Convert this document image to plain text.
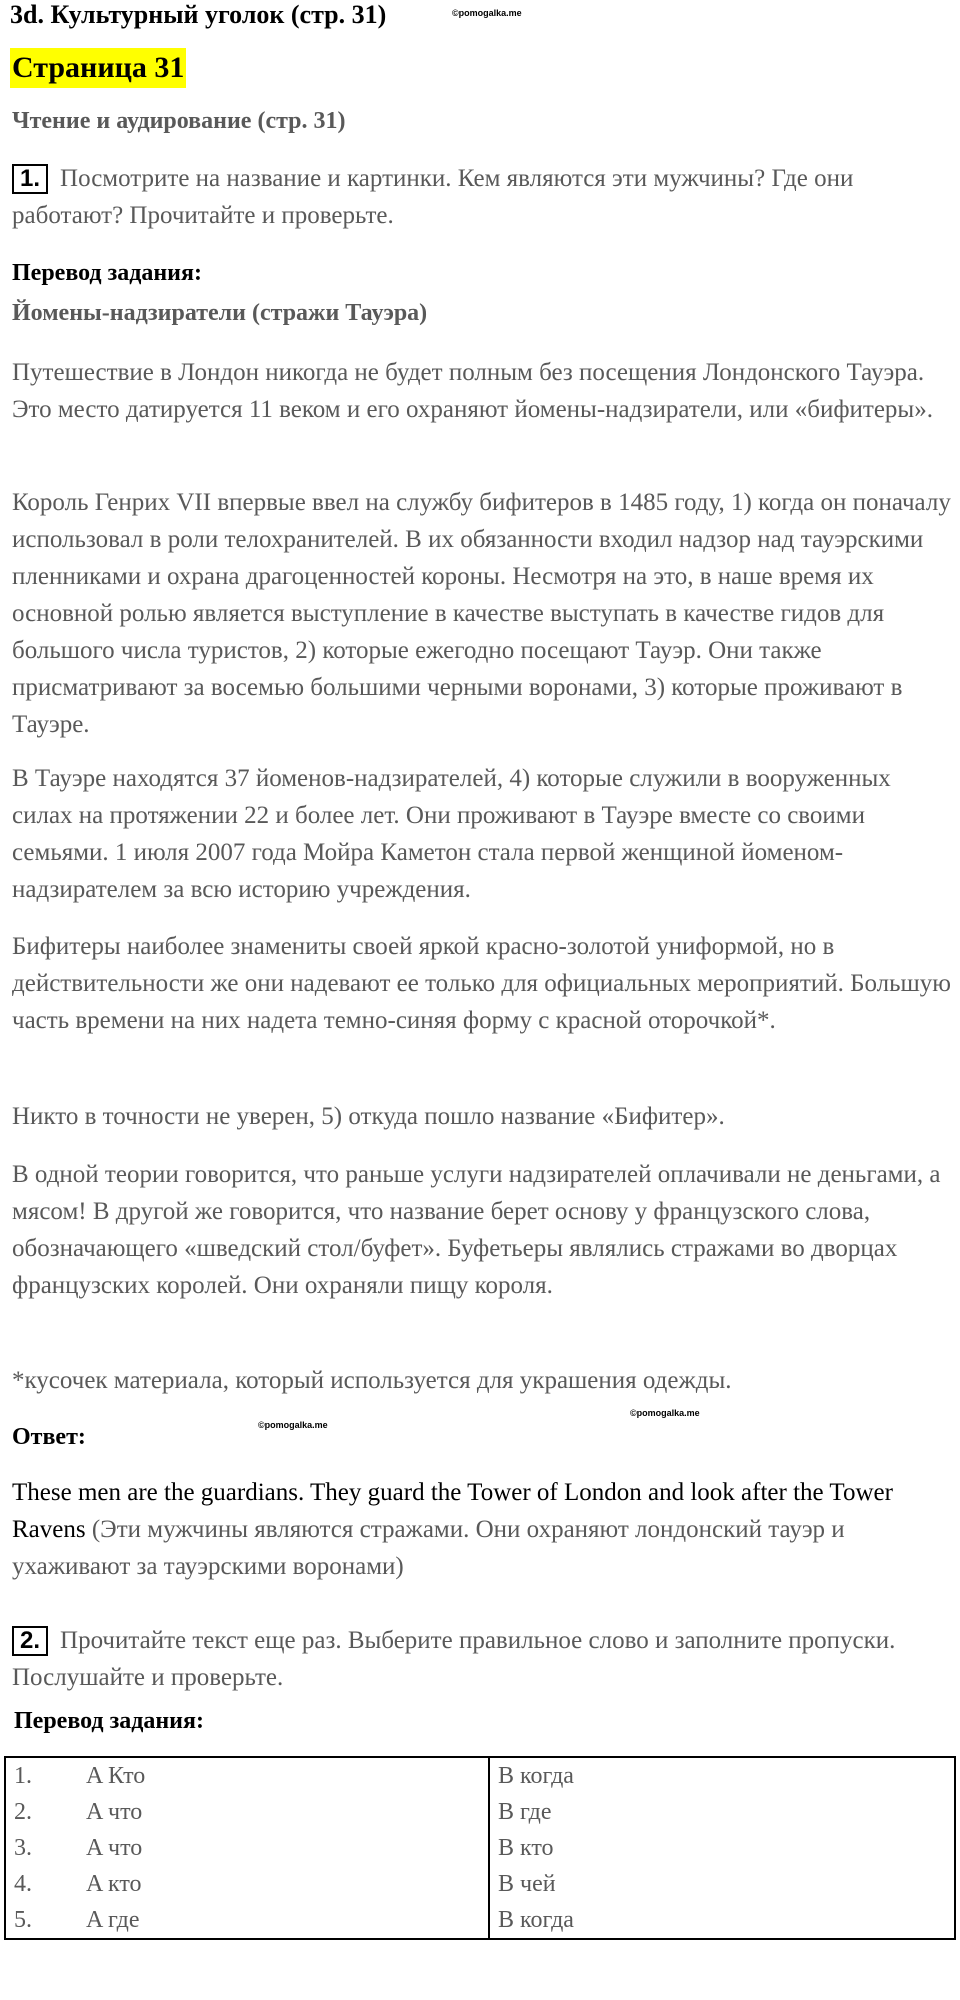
3d. Культурный уголок (стр. 31)	©pomogalka.me
Страница 31
Чтение и аудирование (стр. 31)
1. Посмотрите на название и картинки. Кем являются эти мужчины? Где они работают? Прочитайте и проверьте.
Перевод задания:
Йомены-надзиратели (стражи Тауэра)
Путешествие в Лондон никогда не будет полным без посещения Лондонского Тауэра. Это место датируется 11 веком и его охраняют йомены-надзиратели, или «бифитеры».
Король Генрих VII впервые ввел на службу бифитеров в 1485 году, 1) когда он поначалу использовал в роли телохранителей. В их обязанности входил надзор над тауэрскими пленниками и охрана драгоценностей короны. Несмотря на это, в наше время их основной ролью является выступление в качестве выступать в качестве гидов для большого числа туристов, 2) которые ежегодно посещают Тауэр. Они также присматривают за восемью большими черными воронами, 3) которые проживают в Тауэре.
В Тауэре находятся 37 йоменов-надзирателей, 4) которые служили в вооруженных силах на протяжении 22 и более лет. Они проживают в Тауэре вместе со своими семьями. 1 июля 2007 года Мойра Каметон стала первой женщиной йоменом-надзирателем за всю историю учреждения.
Бифитеры наиболее знамениты своей яркой красно-золотой униформой, но в действительности же они надевают ее только для официальных мероприятий. Большую часть времени на них надета темно-синяя форму с красной оторочкой*.
Никто в точности не уверен, 5) откуда пошло название «Бифитер».
В одной теории говорится, что раньше услуги надзирателей оплачивали не деньгами, а мясом! В другой же говорится, что название берет основу у французского слова, обозначающего «шведский стол/буфет». Буфетьеры являлись стражами во дворцах французских королей. Они охраняли пищу короля.
*кусочек материала, который используется для украшения одежды.
Ответ:	©pomogalka.me
©pomogalka.me
These men are the guardians. They guard the Tower of London and look after the Tower Ravens (Эти мужчины являются стражами. Они охраняют лондонский тауэр и ухаживают за тауэрскими воронами)
2. Прочитайте текст еще раз. Выберите правильное слово и заполните пропуски. Послушайте и проверьте.
Перевод задания:
1. A Кто	B когда
2. A что	B где
3. A что	B кто
4. A кто	B чей
5. A где	B когда
